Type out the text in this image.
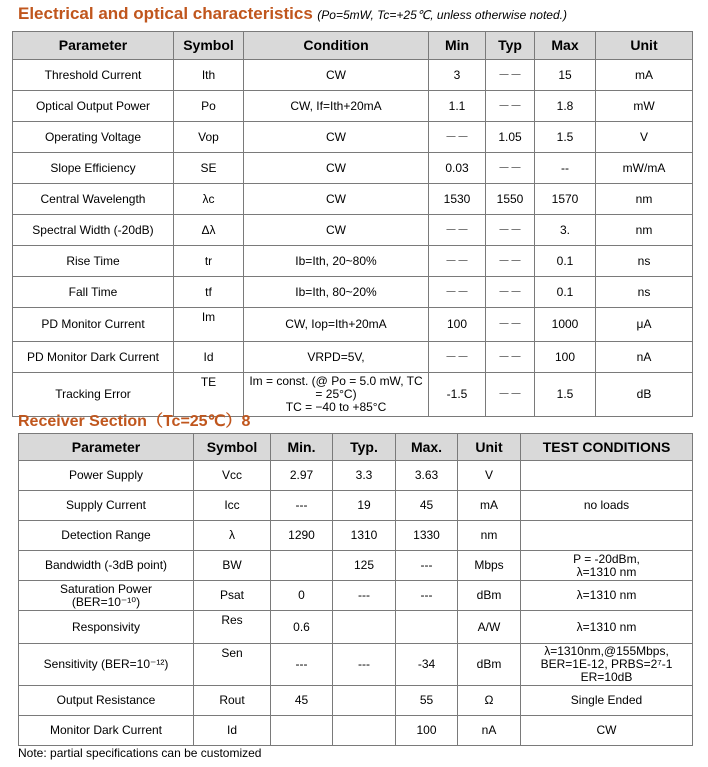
Electrical and optical characteristics (Po=5mW, Tc=+25℃, unless otherwise noted.)
Parameter	Symbol	Condition	Min	Typ	Max	Unit
Threshold Current	Ith	CW	3	－－	15	mA
Optical Output Power	Po	CW, If=Ith+20mA	1.1	－－	1.8	mW
Operating Voltage	Vop	CW	－－	1.05	1.5	V
Slope Efficiency	SE	CW	0.03	－－	--	mW/mA
Central Wavelength	λc	CW	1530	1550	1570	nm
Spectral Width (-20dB)	Δλ	CW	－－	－－	3.	nm
Rise Time	tr	Ib=Ith, 20~80%	－－	－－	0.1	ns
Fall Time	tf	Ib=Ith, 80~20%	－－	－－	0.1	ns
PD Monitor Current	Im	CW, Iop=Ith+20mA	100	－－	1000	μA
PD Monitor Dark Current	Id	VRPD=5V,	－－	－－	100	nA
Tracking Error	TE	Im = const. (@ Po = 5.0 mW, TC = 25°C)
TC = −40 to +85°C	-1.5	－－	1.5	dB
Receiver Section（Tc=25℃）8
Parameter	Symbol	Min.	Typ.	Max.	Unit	TEST CONDITIONS
Power Supply	Vcc	2.97	3.3	3.63	V	
Supply Current	Icc	---	19	45	mA	no loads
Detection Range	λ	1290	1310	1330	nm	
Bandwidth (-3dB point)	BW		125	---	Mbps	P = -20dBm,
λ=1310 nm
Saturation Power
(BER=10⁻¹⁰)	Psat	0	---	---	dBm	λ=1310 nm
Responsivity	Res	0.6			A/W	λ=1310 nm
Sensitivity (BER=10⁻¹²)	Sen	---	---	-34	dBm	λ=1310nm,@155Mbps,
BER=1E-12, PRBS=2⁷-1
ER=10dB
Output Resistance	Rout	45		55	Ω	Single Ended
Monitor Dark Current	Id			100	nA	CW
Note: partial specifications can be customized
